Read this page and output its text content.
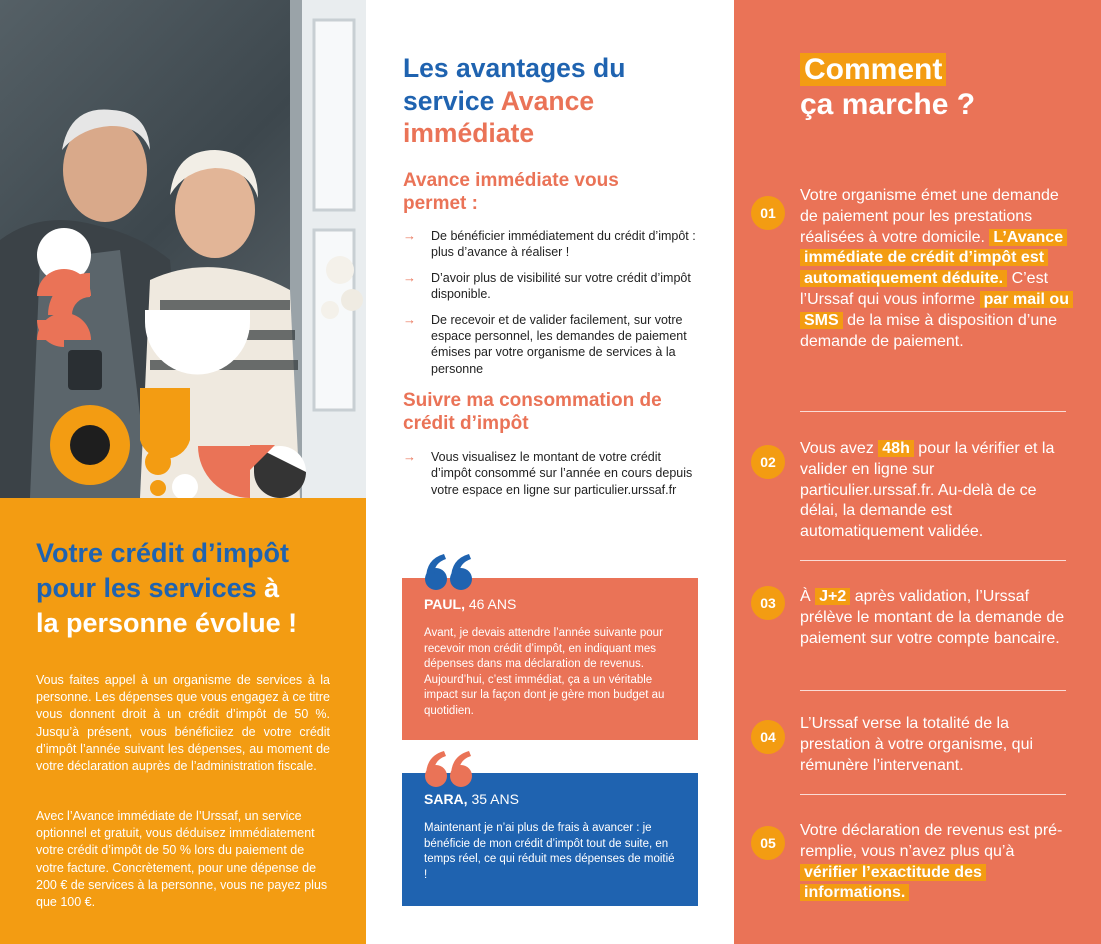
Votre crédit d’impôt
pour les services à
la personne évolue !

Vous faites appel à un organisme de services à la personne. Les dépenses que vous engagez à ce titre vous donnent droit à un crédit d’impôt de 50 %. Jusqu’à présent, vous bénéficiiez de votre crédit d’impôt l’année suivant les dépenses, au moment de votre déclaration auprès de l’administration fiscale.

Avec l’Avance immédiate de l’Urssaf, un service optionnel et gratuit, vous déduisez immédiatement votre crédit d’impôt de 50 % lors du paiement de votre facture. Concrètement, pour une dépense de 200 € de services à la personne, vous ne payez plus que 100 €.

Les avantages du service Avance immédiate
Avance immédiate vous permet :
→ De bénéficier immédiatement du crédit d’impôt : plus d’avance à réaliser !
→ D’avoir plus de visibilité sur votre crédit d’impôt disponible.
→ De recevoir et de valider facilement, sur votre espace personnel, les demandes de paiement émises par votre organisme de services à la personne
Suivre ma consommation de crédit d’impôt
→ Vous visualisez le montant de votre crédit d’impôt consommé sur l’année en cours depuis votre espace en ligne sur particulier.urssaf.fr
PAUL, 46 ANS
Avant, je devais attendre l’année suivante pour recevoir mon crédit d’impôt, en indiquant mes dépenses dans ma déclaration de revenus. Aujourd’hui, c’est immédiat, ça a un véritable impact sur la façon dont je gère mon budget au quotidien.
SARA, 35 ANS
Maintenant je n’ai plus de frais à avancer : je bénéficie de mon crédit d’impôt tout de suite, en temps réel, ce qui réduit mes dépenses de moitié !
Comment
ça marche ?
01

Votre organisme émet une demande de paiement pour les prestations réalisées à votre domicile. L’Avance immédiate de crédit d’impôt est automatiquement déduite. C’est l’Urssaf qui vous informe par mail ou SMS de la mise à disposition d’une demande de paiement.

02

Vous avez 48h pour la vérifier et la valider en ligne sur particulier.urssaf.fr. Au-delà de ce délai, la demande est automatiquement validée.

03	À J+2 après validation, l’Urssaf prélève le montant de la demande de paiement sur votre compte bancaire.

04

L’Urssaf verse la totalité de la prestation à votre organisme, qui rémunère l’intervenant.

05

Votre déclaration de revenus est pré-remplie, vous n’avez plus qu’à vérifier l’exactitude des informations.
